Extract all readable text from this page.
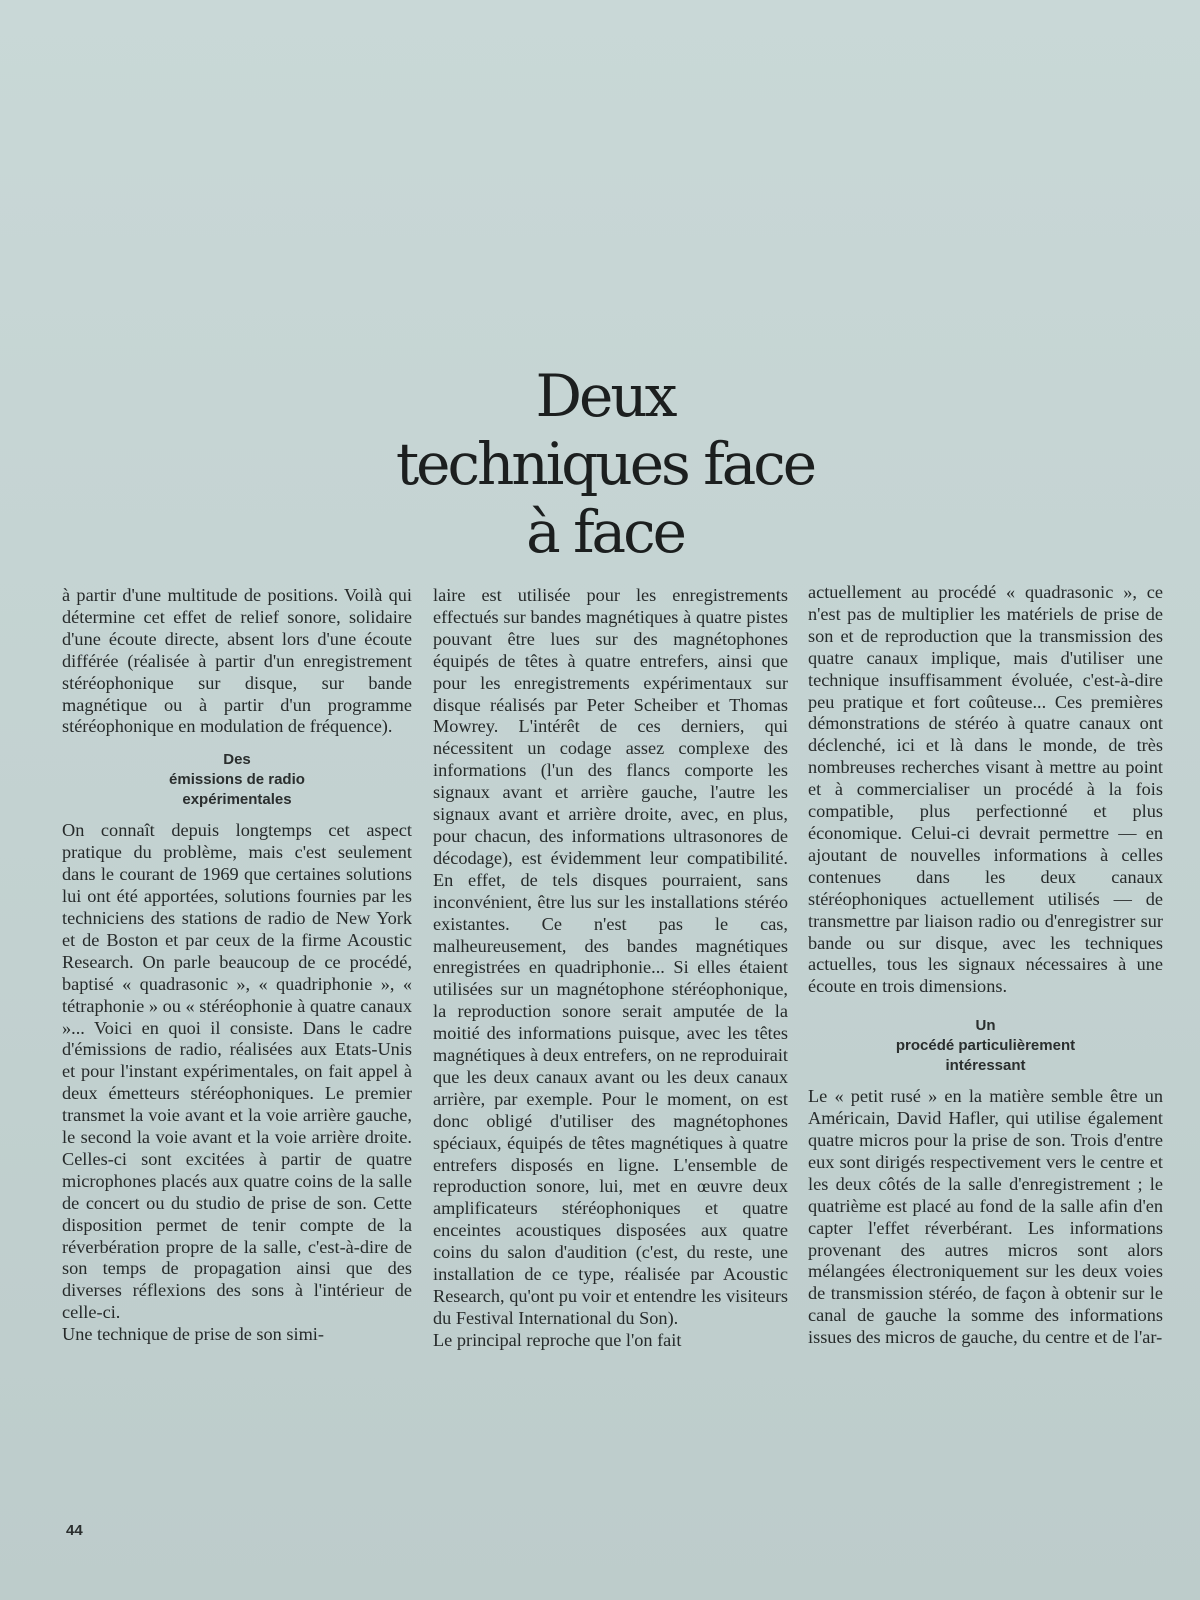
Deux
techniques face
à face

à partir d'une multitude de positions. Voilà qui détermine cet effet de relief sonore, solidaire d'une écoute directe, absent lors d'une écoute différée (réalisée à partir d'un enregistrement stéréophonique sur disque, sur bande magnétique ou à partir d'un programme stéréophonique en modulation de fréquence).

Des
émissions de radio
expérimentales

On connaît depuis longtemps cet aspect pratique du problème, mais c'est seulement dans le courant de 1969 que certaines solutions lui ont été apportées, solutions fournies par les techniciens des stations de radio de New York et de Boston et par ceux de la firme Acoustic Research. On parle beaucoup de ce procédé, baptisé « quadrasonic », « quadriphonie », « tétraphonie » ou « stéréophonie à quatre canaux »... Voici en quoi il consiste. Dans le cadre d'émissions de radio, réalisées aux Etats-Unis et pour l'instant expérimentales, on fait appel à deux émetteurs stéréophoniques. Le premier transmet la voie avant et la voie arrière gauche, le second la voie avant et la voie arrière droite. Celles-ci sont excitées à partir de quatre microphones placés aux quatre coins de la salle de concert ou du studio de prise de son. Cette disposition permet de tenir compte de la réverbération propre de la salle, c'est-à-dire de son temps de propagation ainsi que des diverses réflexions des sons à l'intérieur de celle-ci.

Une technique de prise de son simi-

laire est utilisée pour les enregistrements effectués sur bandes magnétiques à quatre pistes pouvant être lues sur des magnétophones équipés de têtes à quatre entrefers, ainsi que pour les enregistrements expérimentaux sur disque réalisés par Peter Scheiber et Thomas Mowrey. L'intérêt de ces derniers, qui nécessitent un codage assez complexe des informations (l'un des flancs comporte les signaux avant et arrière gauche, l'autre les signaux avant et arrière droite, avec, en plus, pour chacun, des informations ultrasonores de décodage), est évidemment leur compatibilité. En effet, de tels disques pourraient, sans inconvénient, être lus sur les installations stéréo existantes. Ce n'est pas le cas, malheureusement, des bandes magnétiques enregistrées en quadriphonie... Si elles étaient utilisées sur un magnétophone stéréophonique, la reproduction sonore serait amputée de la moitié des informations puisque, avec les têtes magnétiques à deux entrefers, on ne reproduirait que les deux canaux avant ou les deux canaux arrière, par exemple. Pour le moment, on est donc obligé d'utiliser des magnétophones spéciaux, équipés de têtes magnétiques à quatre entrefers disposés en ligne. L'ensemble de reproduction sonore, lui, met en œuvre deux amplificateurs stéréophoniques et quatre enceintes acoustiques disposées aux quatre coins du salon d'audition (c'est, du reste, une installation de ce type, réalisée par Acoustic Research, qu'ont pu voir et entendre les visiteurs du Festival International du Son).

Le principal reproche que l'on fait

actuellement au procédé « quadrasonic », ce n'est pas de multiplier les matériels de prise de son et de reproduction que la transmission des quatre canaux implique, mais d'utiliser une technique insuffisamment évoluée, c'est-à-dire peu pratique et fort coûteuse... Ces premières démonstrations de stéréo à quatre canaux ont déclenché, ici et là dans le monde, de très nombreuses recherches visant à mettre au point et à commercialiser un procédé à la fois compatible, plus perfectionné et plus économique. Celui-ci devrait permettre — en ajoutant de nouvelles informations à celles contenues dans les deux canaux stéréophoniques actuellement utilisés — de transmettre par liaison radio ou d'enregistrer sur bande ou sur disque, avec les techniques actuelles, tous les signaux nécessaires à une écoute en trois dimensions.

Un
procédé particulièrement
intéressant

Le « petit rusé » en la matière semble être un Américain, David Hafler, qui utilise également quatre micros pour la prise de son. Trois d'entre eux sont dirigés respectivement vers le centre et les deux côtés de la salle d'enregistrement ; le quatrième est placé au fond de la salle afin d'en capter l'effet réverbérant. Les informations provenant des autres micros sont alors mélangées électroniquement sur les deux voies de transmission stéréo, de façon à obtenir sur le canal de gauche la somme des informations issues des micros de gauche, du centre et de l'ar-

44
